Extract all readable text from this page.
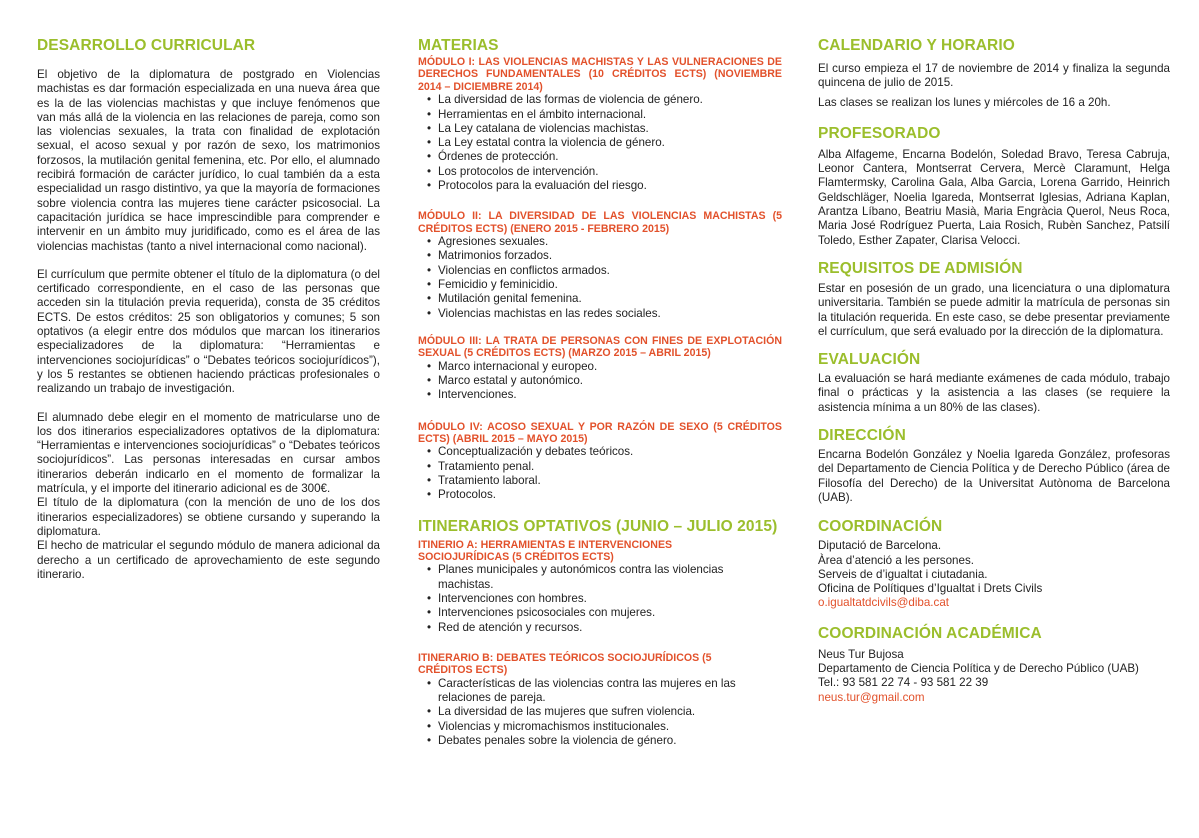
DESARROLLO CURRICULAR

El objetivo de la diplomatura de postgrado en Violencias machistas es dar formación especializada en una nueva área que es la de las violencias machistas y que incluye fenómenos que van más allá de la violencia en las relaciones de pareja, como son las violencias sexuales, la trata con finalidad de explotación sexual, el acoso sexual y por razón de sexo, los matrimonios forzosos, la mutilación genital femenina, etc. Por ello, el alumnado recibirá formación de carácter jurídico, lo cual también da a esta especialidad un rasgo distintivo, ya que la mayoría de formaciones sobre violencia contra las mujeres tiene carácter psicosocial. La capacitación jurídica se hace imprescindible para comprender e intervenir en un ámbito muy juridificado, como es el área de las violencias machistas (tanto a nivel internacional como nacional).

El currículum que permite obtener el título de la diplomatura (o del certificado correspondiente, en el caso de las personas que acceden sin la titulación previa requerida), consta de 35 créditos ECTS. De estos créditos: 25 son obligatorios y comunes; 5 son optativos (a elegir entre dos módulos que marcan los itinerarios especializadores de la diplomatura: “Herramientas e intervenciones sociojurídicas” o “Debates teóricos sociojurídicos”), y los 5 restantes se obtienen haciendo prácticas profesionales o realizando un trabajo de investigación.

El alumnado debe elegir en el momento de matricularse uno de los dos itinerarios especializadores optativos de la diplomatura: “Herramientas e intervenciones sociojurídicas” o “Debates teóricos sociojurídicos”. Las personas interesadas en cursar ambos itinerarios deberán indicarlo en el momento de formalizar la matrícula, y el importe del itinerario adicional es de 300€.

El título de la diplomatura (con la mención de uno de los dos itinerarios especializadores) se obtiene cursando y superando la diplomatura.

El hecho de matricular el segundo módulo de manera adicional da derecho a un certificado de aprovechamiento de este segundo itinerario.

MATERIAS

MÓDULO I: LAS VIOLENCIAS MACHISTAS Y LAS VULNERACIONES DE DERECHOS FUNDAMENTALES (10 CRÉDITOS ECTS) (NOVIEMBRE 2014 – DICIEMBRE 2014)

• La diversidad de las formas de violencia de género.
• Herramientas en el ámbito internacional.
• La Ley catalana de violencias machistas.
• La Ley estatal contra la violencia de género.
• Órdenes de protección.
• Los protocolos de intervención.
• Protocolos para la evaluación del riesgo.

MÓDULO II: LA DIVERSIDAD DE LAS VIOLENCIAS MACHISTAS (5 CRÉDITOS ECTS) (ENERO 2015 - FEBRERO 2015)

• Agresiones sexuales.
• Matrimonios forzados.
• Violencias en conflictos armados.
• Femicidio y feminicidio.
• Mutilación genital femenina.
• Violencias machistas en las redes sociales.

MÓDULO III: LA TRATA DE PERSONAS CON FINES DE EXPLOTACIÓN SEXUAL (5 CRÉDITOS ECTS) (MARZO 2015 – ABRIL 2015)

• Marco internacional y europeo.
• Marco estatal y autonómico.
• Intervenciones.

MÓDULO IV: ACOSO SEXUAL Y POR RAZÓN DE SEXO (5 CRÉDITOS ECTS) (ABRIL 2015 – MAYO 2015)

• Conceptualización y debates teóricos.
• Tratamiento penal.
• Tratamiento laboral.
• Protocolos.
ITINERARIOS OPTATIVOS (JUNIO – JULIO 2015)

ITINERIO A: HERRAMIENTAS E INTERVENCIONES SOCIOJURÍDICAS (5 CRÉDITOS ECTS)

• Planes municipales y autonómicos contra las violencias machistas.
• Intervenciones con hombres.
• Intervenciones psicosociales con mujeres.
• Red de atención y recursos.

ITINERARIO B: DEBATES TEÓRICOS SOCIOJURÍDICOS (5 CRÉDITOS ECTS)

• Características de las violencias contra las mujeres en las relaciones de pareja.
• La diversidad de las mujeres que sufren violencia.
• Violencias y micromachismos institucionales.
• Debates penales sobre la violencia de género.
CALENDARIO Y HORARIO

El curso empieza el 17 de noviembre de 2014 y finaliza la segunda quincena de julio de 2015.

Las clases se realizan los lunes y miércoles de 16 a 20h.

PROFESORADO

Alba Alfageme, Encarna Bodelón, Soledad Bravo, Teresa Cabruja, Leonor Cantera, Montserrat Cervera, Mercè Claramunt, Helga Flamtermsky, Carolina Gala, Alba Garcia, Lorena Garrido, Heinrich Geldschläger, Noelia Igareda, Montserrat Iglesias, Adriana Kaplan, Arantza Líbano, Beatriu Masià, Maria Engràcia Querol, Neus Roca, Maria José Rodríguez Puerta, Laia Rosich, Rubèn Sanchez, Patsilí Toledo, Esther Zapater, Clarisa Velocci.

REQUISITOS DE ADMISIÓN

Estar en posesión de un grado, una licenciatura o una diplomatura universitaria. También se puede admitir la matrícula de personas sin la titulación requerida. En este caso, se debe presentar previamente el currículum, que será evaluado por la dirección de la diplomatura.

EVALUACIÓN

La evaluación se hará mediante exámenes de cada módulo, trabajo final o prácticas y la asistencia a las clases (se requiere la asistencia mínima a un 80% de las clases).

DIRECCIÓN

Encarna Bodelón González y Noelia Igareda González, profesoras del Departamento de Ciencia Política y de Derecho Público (área de Filosofía del Derecho) de la Universitat Autònoma de Barcelona (UAB).

COORDINACIÓN
Diputació de Barcelona.
Àrea d’atenció a les persones.
Serveis de d’igualtat i ciutadania.
Oficina de Polítiques d’Igualtat i Drets Civils
o.igualtatdcivils@diba.cat
COORDINACIÓN ACADÉMICA
Neus Tur Bujosa

Departamento de Ciencia Política y de Derecho Público (UAB)

Tel.: 93 581 22 74 - 93 581 22 39
neus.tur@gmail.com
